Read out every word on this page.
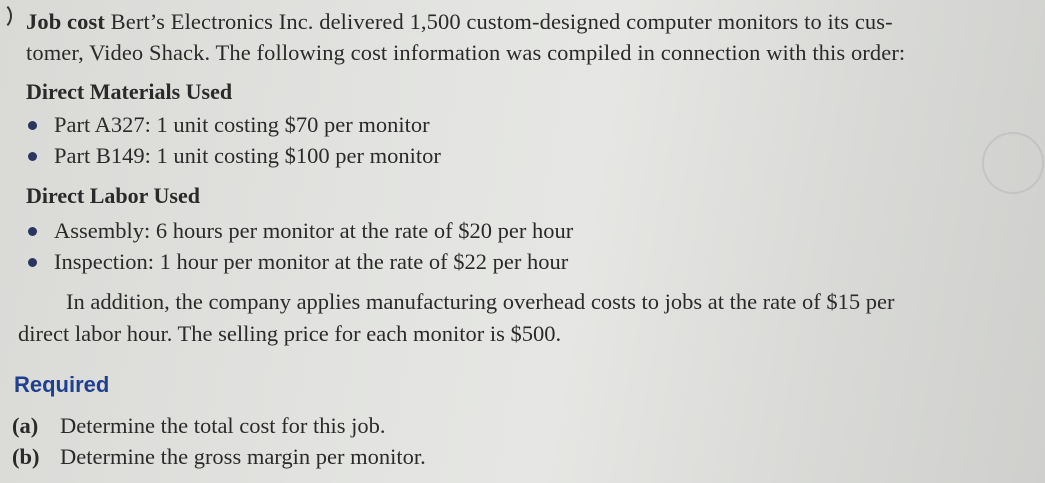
Job cost Bert’s Electronics Inc. delivered 1,500 custom-designed computer monitors to its cus-
tomer, Video Shack. The following cost information was compiled in connection with this order:
Direct Materials Used
Part A327: 1 unit costing $70 per monitor
Part B149: 1 unit costing $100 per monitor
Direct Labor Used
Assembly: 6 hours per monitor at the rate of $20 per hour
Inspection: 1 hour per monitor at the rate of $22 per hour
In addition, the company applies manufacturing overhead costs to jobs at the rate of $15 per
direct labor hour. The selling price for each monitor is $500.
Required
(a) Determine the total cost for this job.
(b) Determine the gross margin per monitor.
